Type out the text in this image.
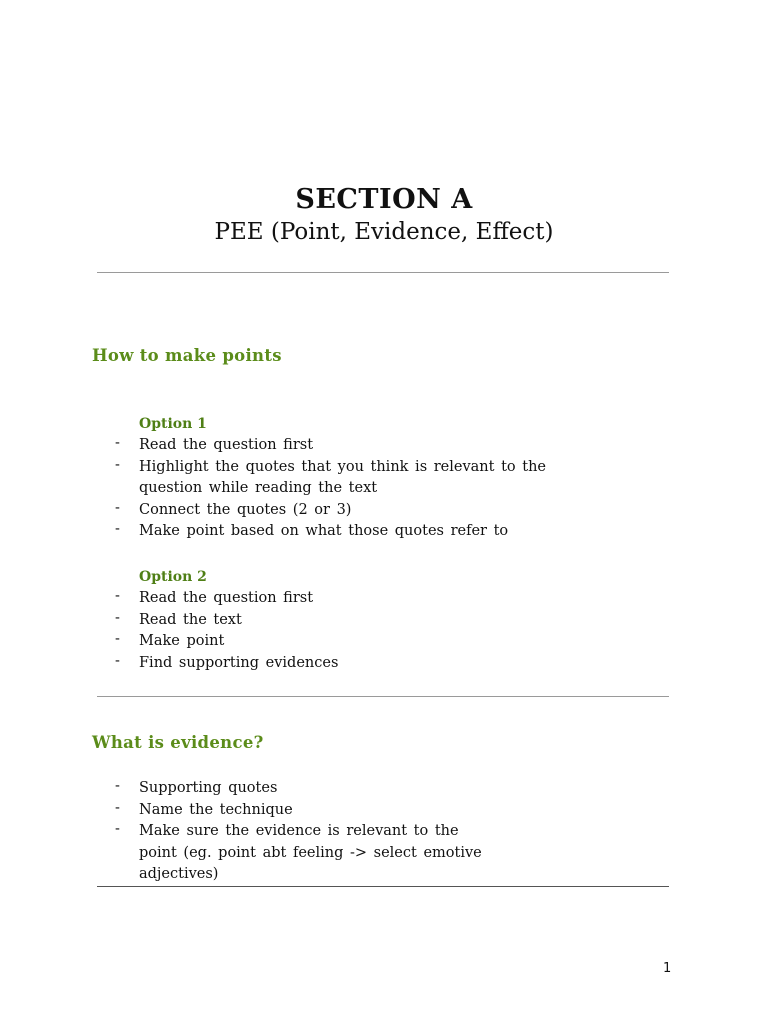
SECTION A
PEE (Point, Evidence, Effect)
How to make points
Option 1
- Read the question first
- Highlight the quotes that you think is relevant to the question while reading the text
- Connect the quotes (2 or 3)
- Make point based on what those quotes refer to
Option 2
- Read the question first
- Read the text
- Make point
- Find supporting evidences
What is evidence?
- Supporting quotes
- Name the technique
- Make sure the evidence is relevant to the point (eg. point abt feeling -> select emotive adjectives)
1
